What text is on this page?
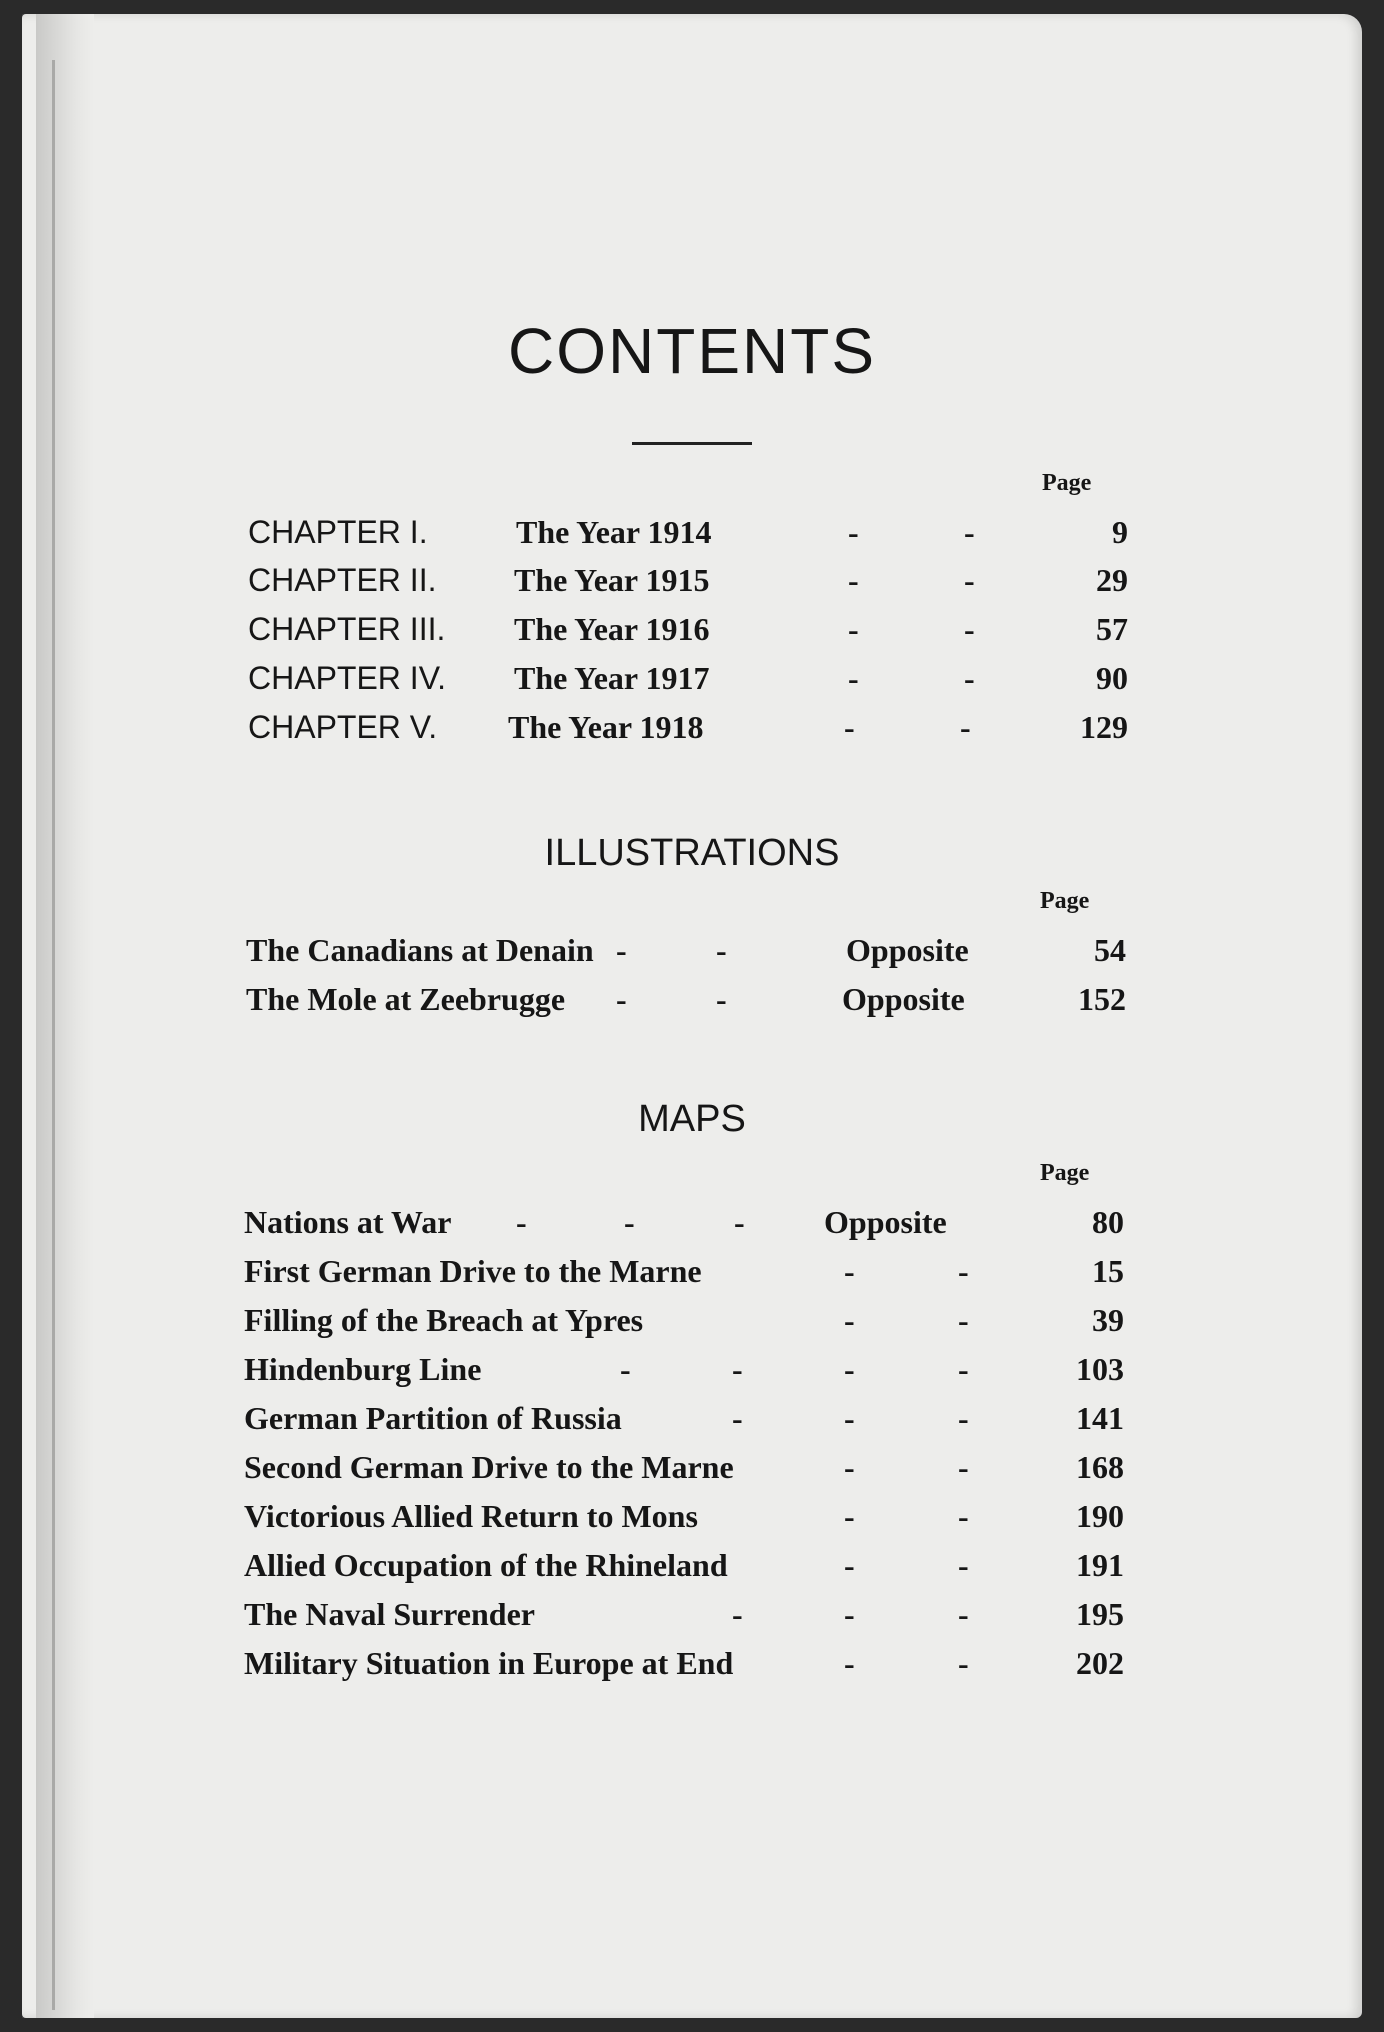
CONTENTS
Page
CHAPTER I.	The Year 1914	-	-	9
CHAPTER II. The Year 1915	-	-	29
CHAPTER III. The Year 1916	-	-	57
CHAPTER IV. The Year 1917	-	-	90
CHAPTER V. The Year 1918	-	-	129
ILLUSTRATIONS
Page
The Canadians at Denain -	-	Opposite	54
The Mole at Zeebrugge -	-	Opposite	152
MAPS
Page
Nations at War -	-	- Opposite	80
First German Drive to the Marne	-	-	15
Filling of the Breach at Ypres	-	-	39
Hindenburg Line	-	-	-	-	103
German Partition of Russia	-	-	-	141
Second German Drive to the Marne	-	-	168
Victorious Allied Return to Mons	-	-	190
Allied Occupation of the Rhineland	-	-	191
The Naval Surrender	-	-	-	195
Military Situation in Europe at End	-	-	202
